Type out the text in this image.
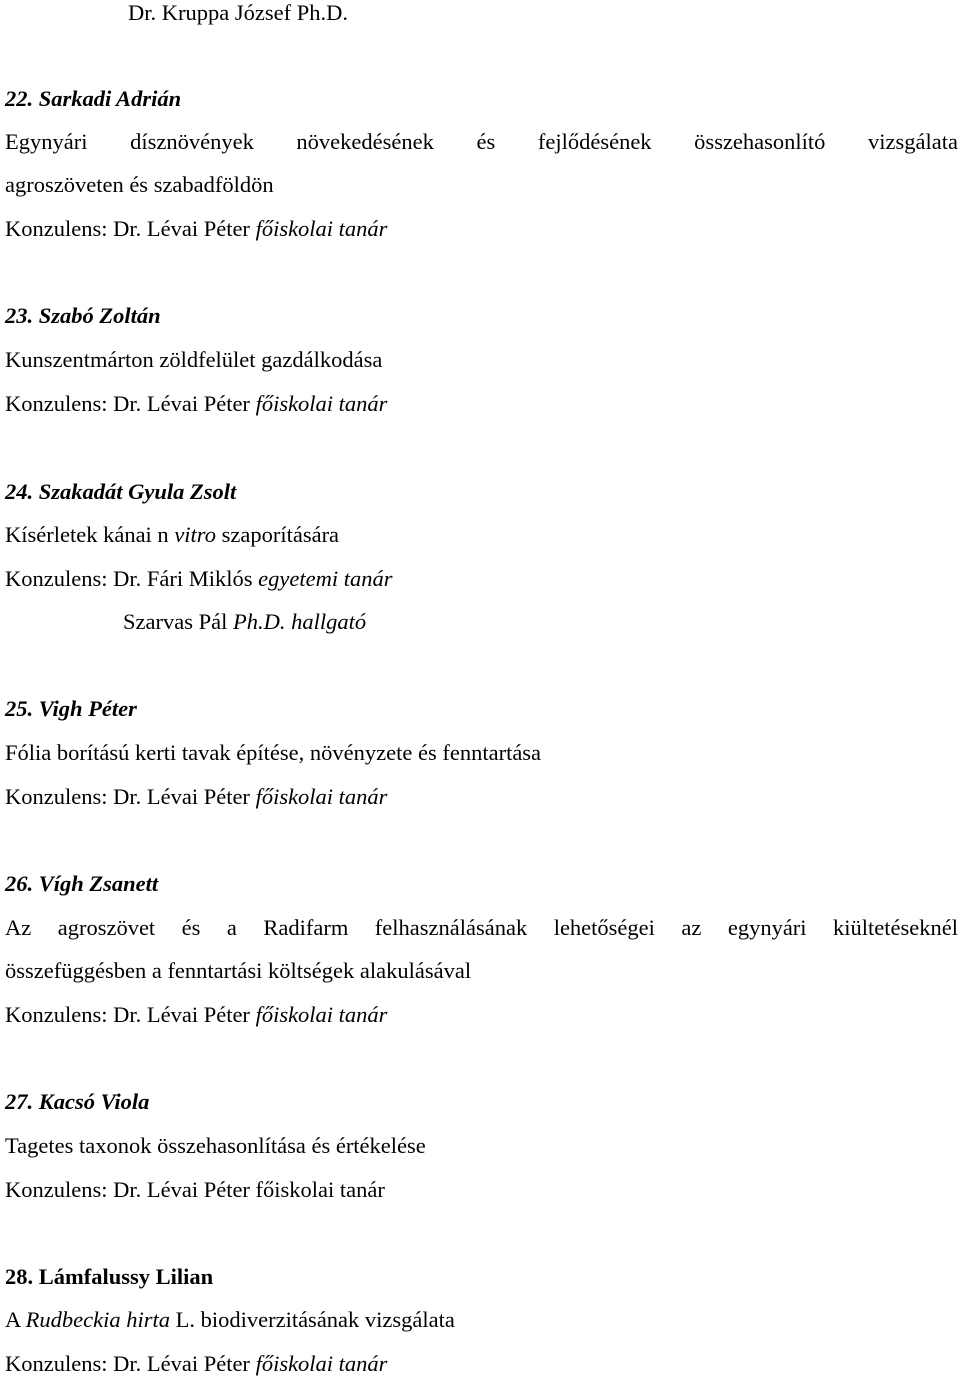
Dr. Kruppa József Ph.D.
22. Sarkadi Adrián
Egynyári dísznövények növekedésének és fejlődésének összehasonlító vizsgálata
agroszöveten és szabadföldön
Konzulens: Dr. Lévai Péter főiskolai tanár
23. Szabó Zoltán
Kunszentmárton zöldfelület gazdálkodása
Konzulens: Dr. Lévai Péter főiskolai tanár
24. Szakadát Gyula Zsolt
Kísérletek kánai n vitro szaporítására
Konzulens: Dr. Fári Miklós egyetemi tanár
Szarvas Pál Ph.D. hallgató
25. Vigh Péter
Fólia borítású kerti tavak építése, növényzete és fenntartása
Konzulens: Dr. Lévai Péter főiskolai tanár
26. Vígh Zsanett
Az agroszövet és a Radifarm felhasználásának lehetőségei az egynyári kiültetéseknél
összefüggésben a fenntartási költségek alakulásával
Konzulens: Dr. Lévai Péter főiskolai tanár
27. Kacsó Viola
Tagetes taxonok összehasonlítása és értékelése
Konzulens: Dr. Lévai Péter főiskolai tanár
28. Lámfalussy Lilian
A Rudbeckia hirta L. biodiverzitásának vizsgálata
Konzulens: Dr. Lévai Péter főiskolai tanár
